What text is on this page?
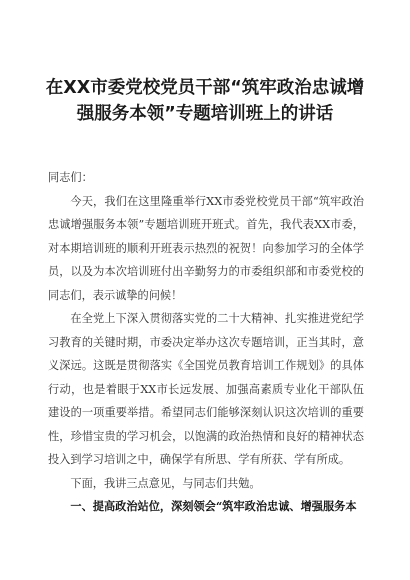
在XX市委党校党员干部“筑牢政治忠诚增强服务本领”专题培训班上的讲话

同志们：

今天，我们在这里隆重举行XX市委党校党员干部“筑牢政治忠诚增强服务本领”专题培训班开班式。首先，我代表XX市委，对本期培训班的顺利开班表示热烈的祝贺！向参加学习的全体学员，以及为本次培训班付出辛勤努力的市委组织部和市委党校的同志们，表示诚挚的问候！

在全党上下深入贯彻落实党的二十大精神、扎实推进党纪学习教育的关键时期，市委决定举办这次专题培训，正当其时，意义深远。这既是贯彻落实《全国党员教育培训工作规划》的具体行动，也是着眼于XX市长远发展、加强高素质专业化干部队伍建设的一项重要举措。希望同志们能够深刻认识这次培训的重要性，珍惜宝贵的学习机会，以饱满的政治热情和良好的精神状态投入到学习培训之中，确保学有所思、学有所获、学有所成。

下面，我讲三点意见，与同志们共勉。

一、提高政治站位，深刻领会“筑牢政治忠诚、增强服务本
